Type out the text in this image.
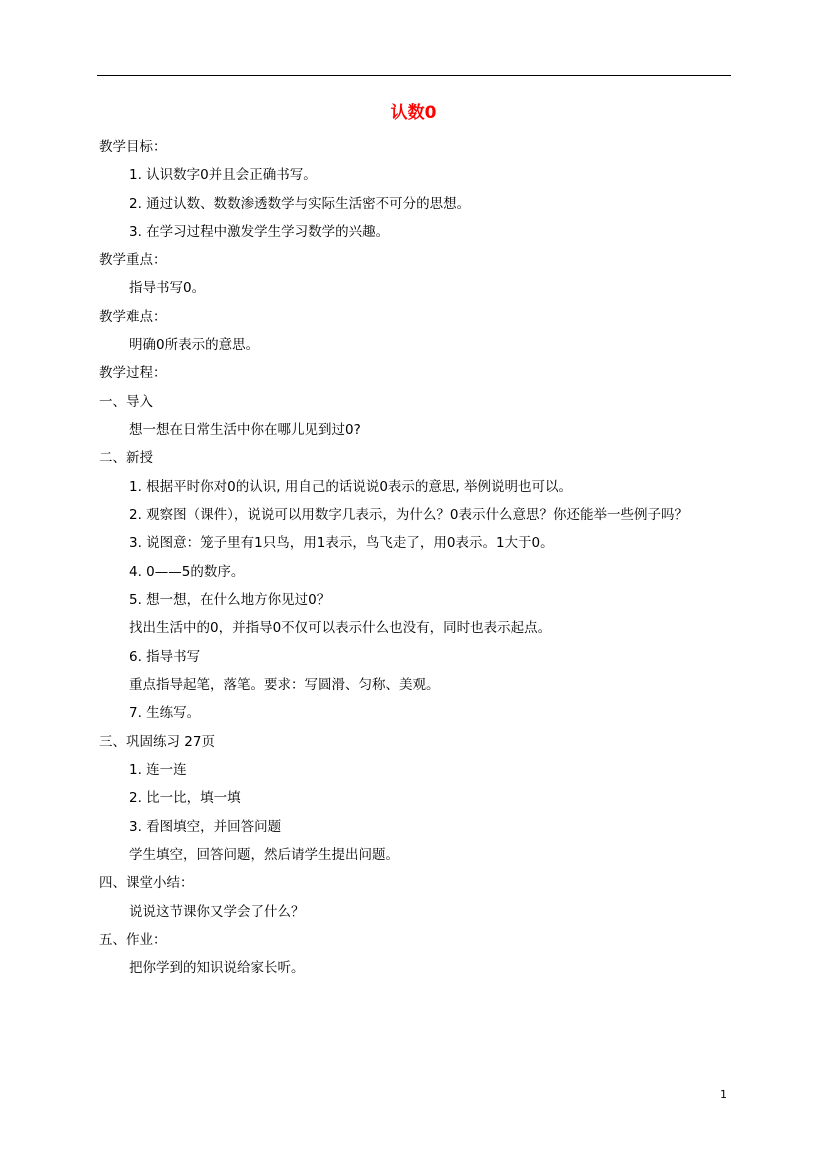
认数0
教学目标：
1. 认识数字0并且会正确书写。
2. 通过认数、数数渗透数学与实际生活密不可分的思想。
3. 在学习过程中激发学生学习数学的兴趣。
教学重点：
指导书写0。
教学难点：
明确0所表示的意思。
教学过程：
一、导入
想一想在日常生活中你在哪儿见到过0?
二、新授
1. 根据平时你对0的认识, 用自己的话说说0表示的意思, 举例说明也可以。
2. 观察图（课件），说说可以用数字几表示，为什么？0表示什么意思？你还能举一些例子吗？
3. 说图意：笼子里有1只鸟，用1表示，鸟飞走了，用0表示。1大于0。
4. 0——5的数序。
5. 想一想，在什么地方你见过0？
找出生活中的0，并指导0不仅可以表示什么也没有，同时也表示起点。
6. 指导书写
重点指导起笔，落笔。要求：写圆滑、匀称、美观。
7. 生练写。
三、巩固练习 27页
1. 连一连
2. 比一比，填一填
3. 看图填空，并回答问题
学生填空，回答问题，然后请学生提出问题。
四、课堂小结：
说说这节课你又学会了什么？
五、作业：
把你学到的知识说给家长听。
1
